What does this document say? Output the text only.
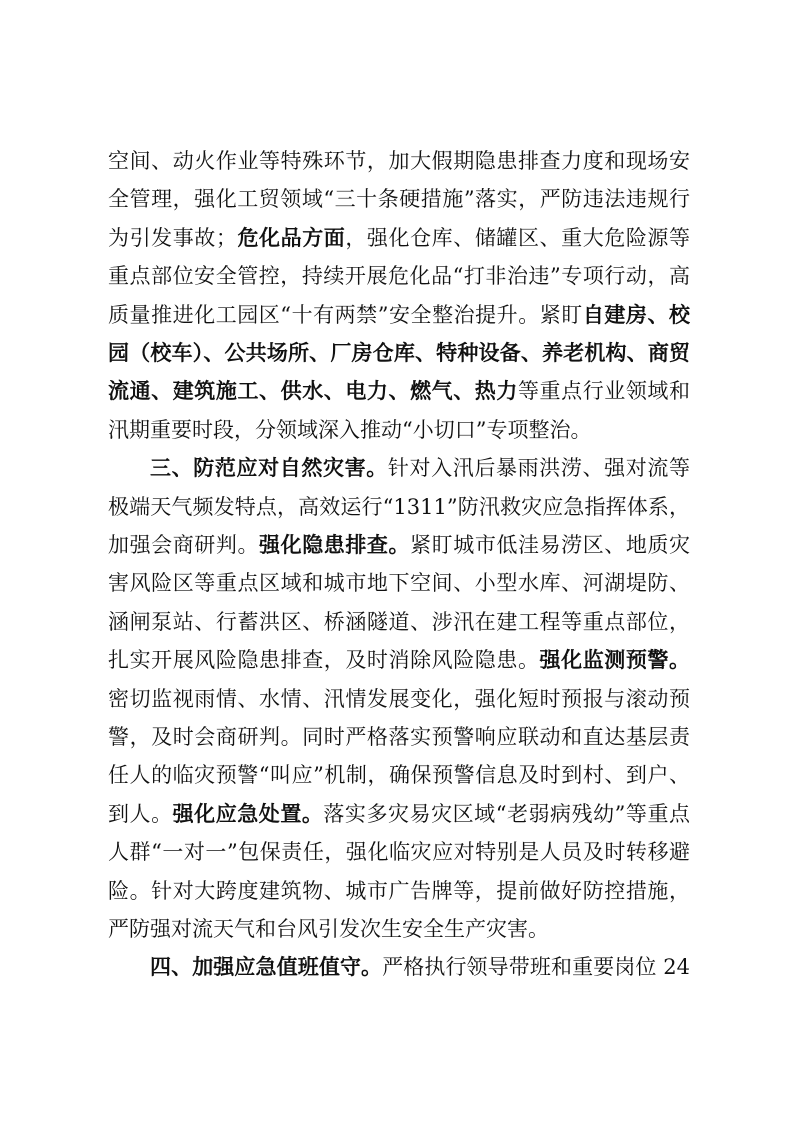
空间、动火作业等特殊环节，加大假期隐患排查力度和现场安
全管理，强化工贸领域“三十条硬措施”落实，严防违法违规行
为引发事故；危化品方面，强化仓库、储罐区、重大危险源等
重点部位安全管控，持续开展危化品“打非治违”专项行动，高
质量推进化工园区“十有两禁”安全整治提升。紧盯自建房、校
园（校车）、公共场所、厂房仓库、特种设备、养老机构、商贸
流通、建筑施工、供水、电力、燃气、热力等重点行业领域和
汛期重要时段，分领域深入推动“小切口”专项整治。
三、防范应对自然灾害。针对入汛后暴雨洪涝、强对流等
极端天气频发特点，高效运行“1311”防汛救灾应急指挥体系，
加强会商研判。强化隐患排查。紧盯城市低洼易涝区、地质灾
害风险区等重点区域和城市地下空间、小型水库、河湖堤防、
涵闸泵站、行蓄洪区、桥涵隧道、涉汛在建工程等重点部位，
扎实开展风险隐患排查，及时消除风险隐患。强化监测预警。
密切监视雨情、水情、汛情发展变化，强化短时预报与滚动预
警，及时会商研判。同时严格落实预警响应联动和直达基层责
任人的临灾预警“叫应”机制，确保预警信息及时到村、到户、
到人。强化应急处置。落实多灾易灾区域“老弱病残幼”等重点
人群“一对一”包保责任，强化临灾应对特别是人员及时转移避
险。针对大跨度建筑物、城市广告牌等，提前做好防控措施，
严防强对流天气和台风引发次生安全生产灾害。
四、加强应急值班值守。严格执行领导带班和重要岗位 24
